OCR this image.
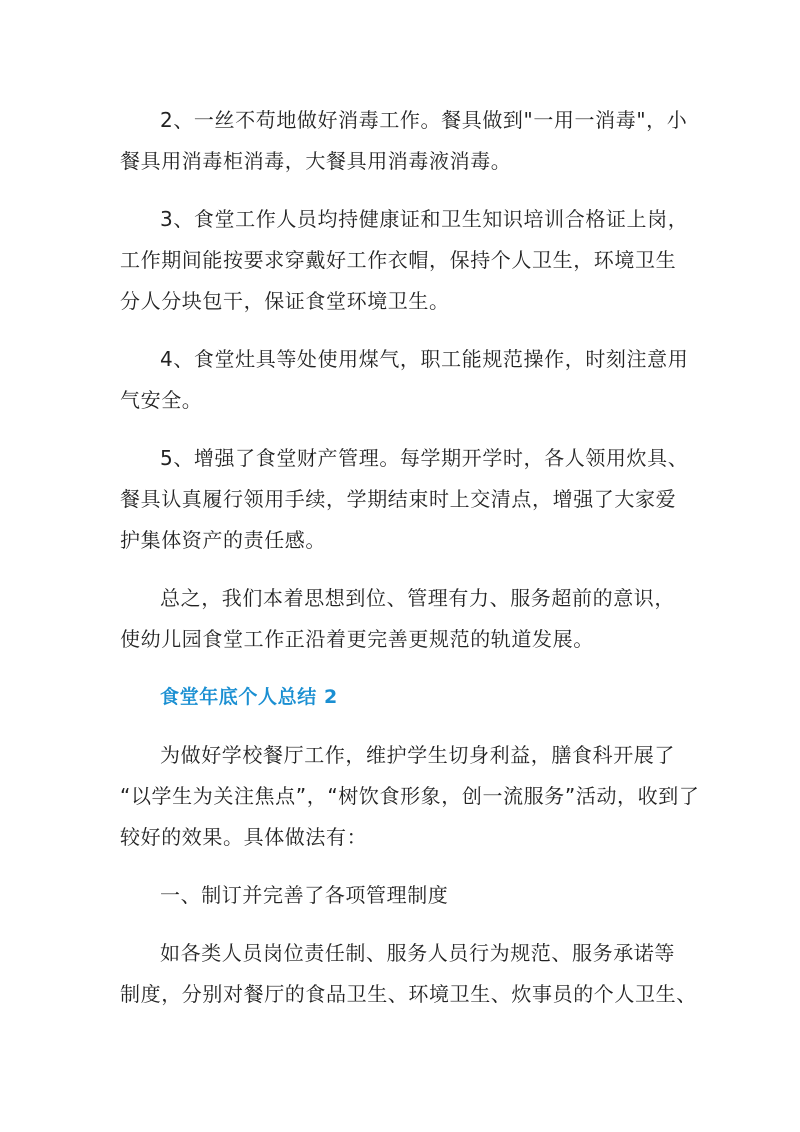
2、一丝不苟地做好消毒工作。餐具做到"一用一消毒"，小
餐具用消毒柜消毒，大餐具用消毒液消毒。

3、食堂工作人员均持健康证和卫生知识培训合格证上岗，
工作期间能按要求穿戴好工作衣帽，保持个人卫生，环境卫生
分人分块包干，保证食堂环境卫生。

4、食堂灶具等处使用煤气，职工能规范操作，时刻注意用
气安全。

5、增强了食堂财产管理。每学期开学时，各人领用炊具、
餐具认真履行领用手续，学期结束时上交清点，增强了大家爱
护集体资产的责任感。

总之，我们本着思想到位、管理有力、服务超前的意识，
使幼儿园食堂工作正沿着更完善更规范的轨道发展。

食堂年底个人总结 2

为做好学校餐厅工作，维护学生切身利益，膳食科开展了
“以学生为关注焦点”，“树饮食形象，创一流服务”活动，收到了
较好的效果。具体做法有：

一、制订并完善了各项管理制度

如各类人员岗位责任制、服务人员行为规范、服务承诺等
制度，分别对餐厅的食品卫生、环境卫生、炊事员的个人卫生、
